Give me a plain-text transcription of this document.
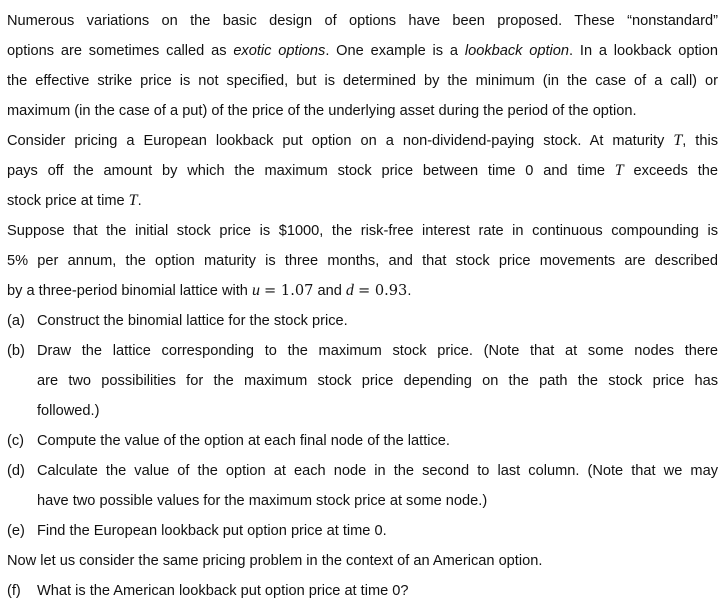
Numerous variations on the basic design of options have been proposed. These “nonstandard”
options are sometimes called as exotic options. One example is a lookback option. In a lookback option
the effective strike price is not specified, but is determined by the minimum (in the case of a call) or
maximum (in the case of a put) of the price of the underlying asset during the period of the option.
Consider pricing a European lookback put option on a non-dividend-paying stock. At maturity T, this
pays off the amount by which the maximum stock price between time 0 and time T exceeds the
stock price at time T.
Suppose that the initial stock price is $1000, the risk-free interest rate in continuous compounding is
5% per annum, the option maturity is three months, and that stock price movements are described
by a three-period binomial lattice with u = 1.07 and d = 0.93.
(a) Construct the binomial lattice for the stock price.
(b) Draw the lattice corresponding to the maximum stock price. (Note that at some nodes there
are two possibilities for the maximum stock price depending on the path the stock price has
followed.)
(c) Compute the value of the option at each final node of the lattice.
(d) Calculate the value of the option at each node in the second to last column. (Note that we may
have two possible values for the maximum stock price at some node.)
(e) Find the European lookback put option price at time 0.
Now let us consider the same pricing problem in the context of an American option.
(f)	What is the American lookback put option price at time 0?
